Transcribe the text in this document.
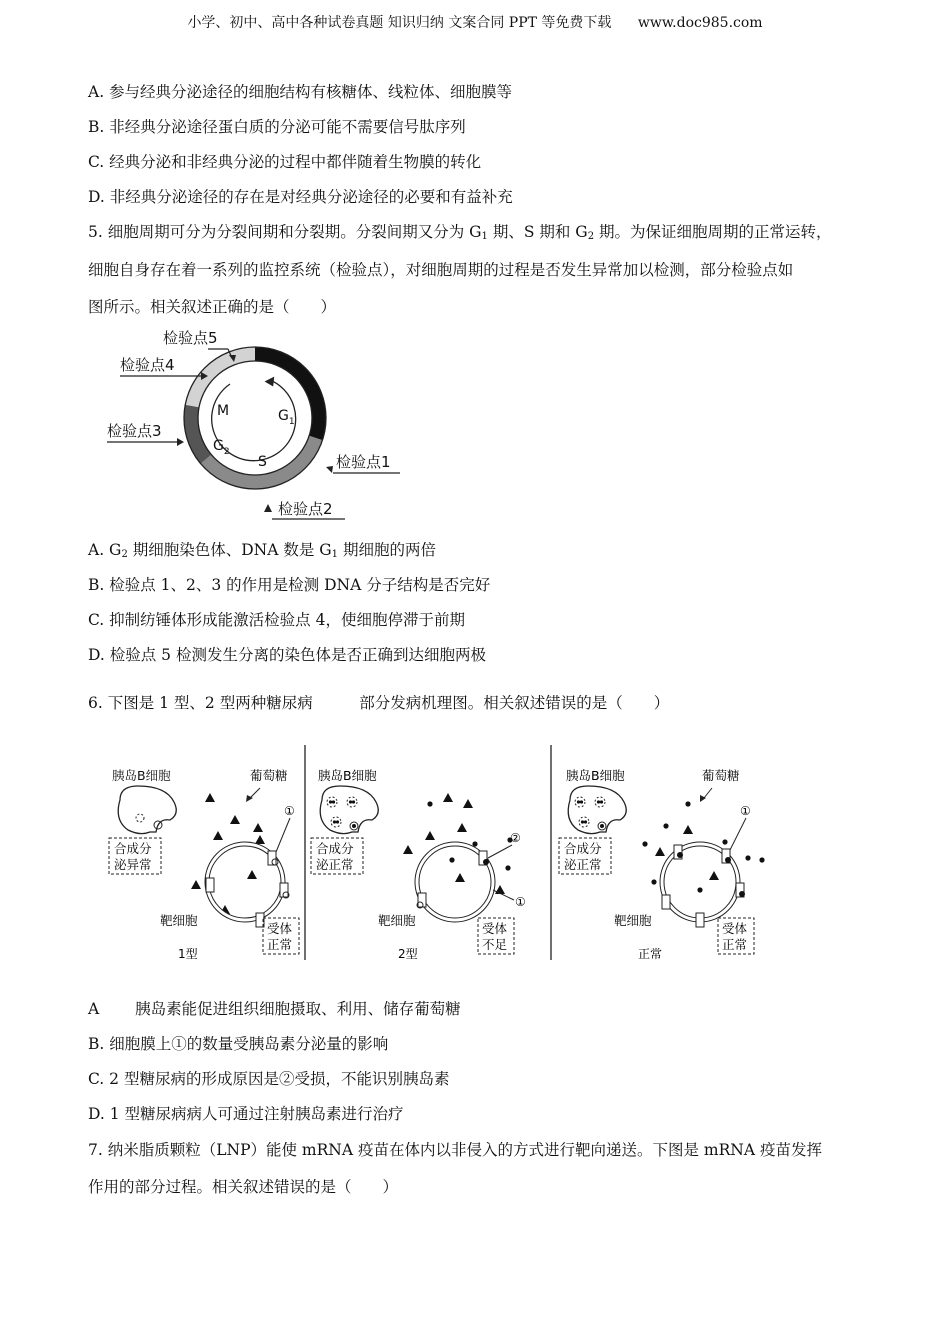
小学、初中、高中各种试卷真题 知识归纳 文案合同 PPT 等免费下载 www.doc985.com
A. 参与经典分泌途径的细胞结构有核糖体、线粒体、细胞膜等
B. 非经典分泌途径蛋白质的分泌可能不需要信号肽序列
C. 经典分泌和非经典分泌的过程中都伴随着生物膜的转化
D. 非经典分泌途径的存在是对经典分泌途径的必要和有益补充
5. 细胞周期可分为分裂间期和分裂期。分裂间期又分为 $G_1$ 期、S 期和 $G_2$ 期。为保证细胞周期的正常运转，
细胞自身存在着一系列的监控系统（检验点），对细胞周期的过程是否发生异常加以检测，部分检验点如
图所示。相关叙述正确的是（　　）
M	$G_1$
S
$G_2$
检验点5
检验点4
检验点3
检验点1
检验点2
A. $G_2$ 期细胞染色体、DNA 数是 $G_1$ 期细胞的两倍
B. 检验点 1、2、3 的作用是检测 DNA 分子结构是否完好
C. 抑制纺锤体形成能激活检验点 4，使细胞停滞于前期
D. 检验点 5 检测发生分离的染色体是否正确到达细胞两极
6. 下图是 1 型、2 型两种糖尿病　　　部分发病机理图。相关叙述错误的是（　　）
胰岛B细胞
合成分
泌异常
葡萄糖
①
靶细胞
受体
正常
1型
胰岛B细胞
合成分
泌正常
②
①
靶细胞
受体
不足
2型
胰岛B细胞
合成分
泌正常
葡萄糖
①
靶细胞
受体
正常
正常
A　　 胰岛素能促进组织细胞摄取、利用、储存葡萄糖
B. 细胞膜上①的数量受胰岛素分泌量的影响
C. 2 型糖尿病的形成原因是②受损，不能识别胰岛素
D. 1 型糖尿病病人可通过注射胰岛素进行治疗
7. 纳米脂质颗粒（LNP）能使 mRNA 疫苗在体内以非侵入的方式进行靶向递送。下图是 mRNA 疫苗发挥
作用的部分过程。相关叙述错误的是（　　）
